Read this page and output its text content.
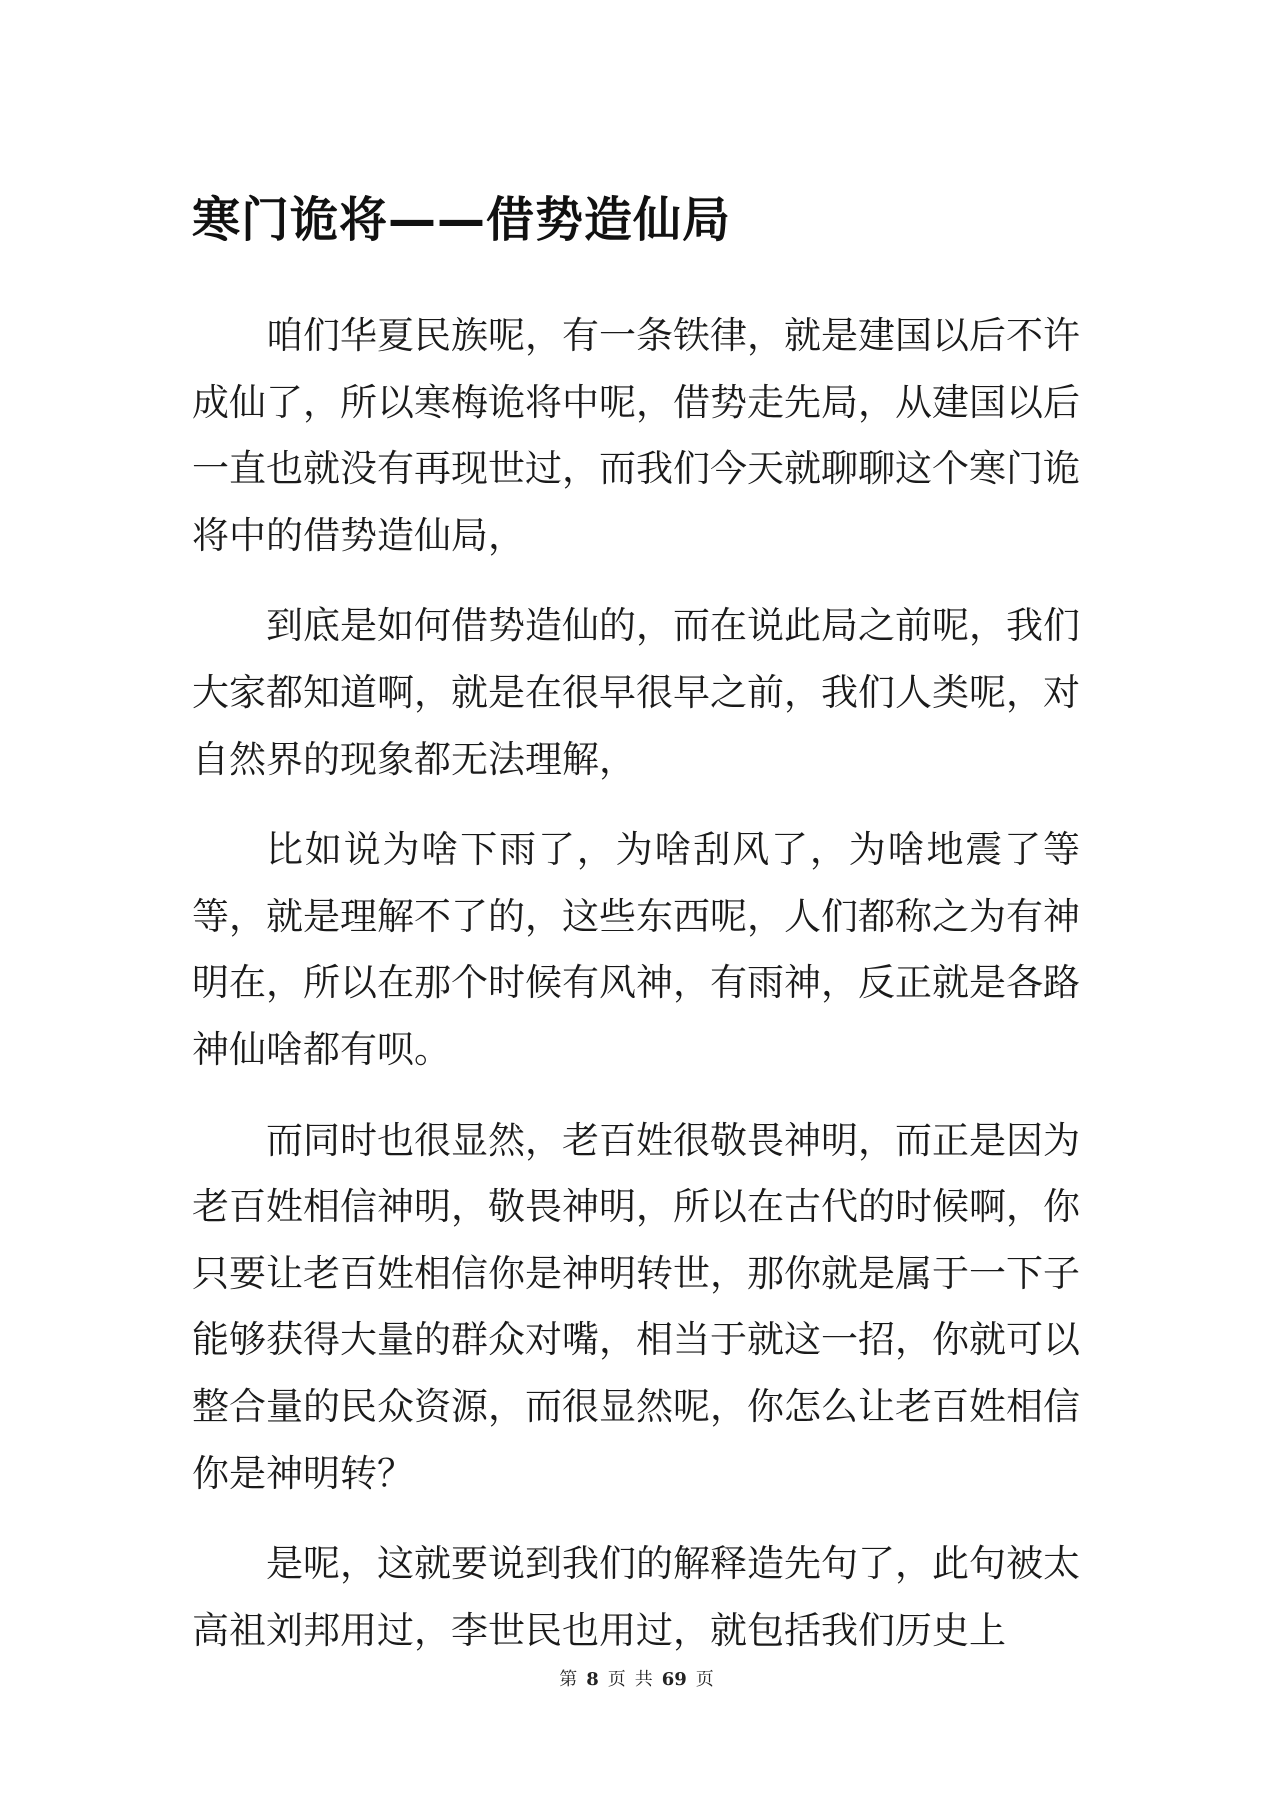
寒门诡将——借势造仙局

咱们华夏民族呢，有一条铁律，就是建国以后不许成仙了，所以寒梅诡将中呢，借势走先局，从建国以后一直也就没有再现世过，而我们今天就聊聊这个寒门诡将中的借势造仙局，

到底是如何借势造仙的，而在说此局之前呢，我们大家都知道啊，就是在很早很早之前，我们人类呢，对自然界的现象都无法理解，

比如说为啥下雨了，为啥刮风了，为啥地震了等等，就是理解不了的，这些东西呢，人们都称之为有神明在，所以在那个时候有风神，有雨神，反正就是各路神仙啥都有呗。

而同时也很显然，老百姓很敬畏神明，而正是因为老百姓相信神明，敬畏神明，所以在古代的时候啊，你只要让老百姓相信你是神明转世，那你就是属于一下子能够获得大量的群众对嘴，相当于就这一招，你就可以整合量的民众资源，而很显然呢，你怎么让老百姓相信你是神明转？

是呢，这就要说到我们的解释造先句了，此句被太高祖刘邦用过，李世民也用过，就包括我们历史上

第 8 页 共 69 页
